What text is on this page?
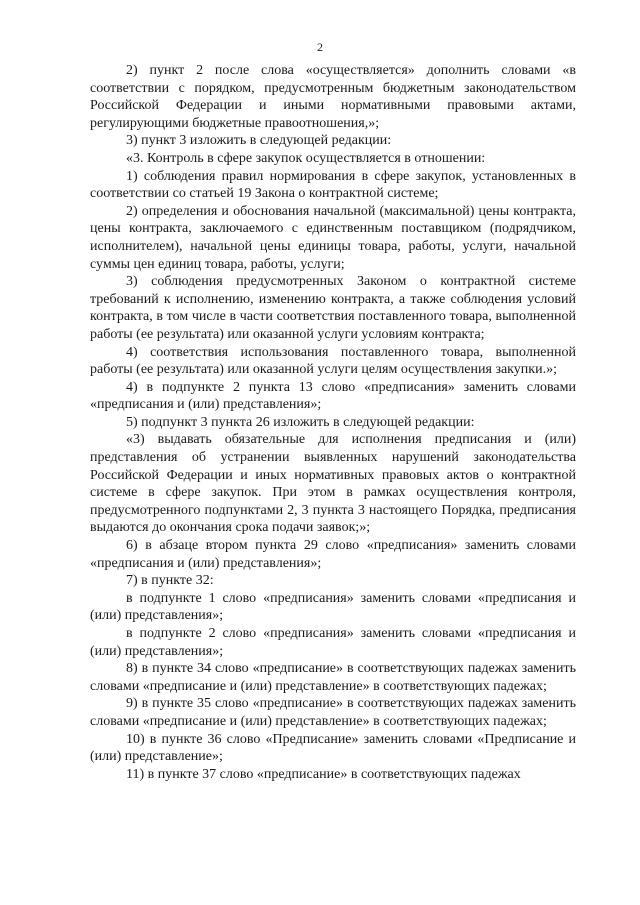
2

2) пункт 2 после слова «осуществляется» дополнить словами «в соответствии с порядком, предусмотренным бюджетным законодательством Российской Федерации и иными нормативными правовыми актами, регулирующими бюджетные правоотношения,»;

3) пункт 3 изложить в следующей редакции:

«3. Контроль в сфере закупок осуществляется в отношении:

1) соблюдения правил нормирования в сфере закупок, установленных в соответствии со статьей 19 Закона о контрактной системе;

2) определения и обоснования начальной (максимальной) цены контракта, цены контракта, заключаемого с единственным поставщиком (подрядчиком, исполнителем), начальной цены единицы товара, работы, услуги, начальной суммы цен единиц товара, работы, услуги;

3) соблюдения предусмотренных Законом о контрактной системе требований к исполнению, изменению контракта, а также соблюдения условий контракта, в том числе в части соответствия поставленного товара, выполненной работы (ее результата) или оказанной услуги условиям контракта;

4) соответствия использования поставленного товара, выполненной работы (ее результата) или оказанной услуги целям осуществления закупки.»;

4) в подпункте 2 пункта 13 слово «предписания» заменить словами «предписания и (или) представления»;

5) подпункт 3 пункта 26 изложить в следующей редакции:

«3) выдавать обязательные для исполнения предписания и (или) представления об устранении выявленных нарушений законодательства Российской Федерации и иных нормативных правовых актов о контрактной системе в сфере закупок. При этом в рамках осуществления контроля, предусмотренного подпунктами 2, 3 пункта 3 настоящего Порядка, предписания выдаются до окончания срока подачи заявок;»;

6) в абзаце втором пункта 29 слово «предписания» заменить словами «предписания и (или) представления»;

7) в пункте 32:

в подпункте 1 слово «предписания» заменить словами «предписания и (или) представления»;

в подпункте 2 слово «предписания» заменить словами «предписания и (или) представления»;

8) в пункте 34 слово «предписание» в соответствующих падежах заменить словами «предписание и (или) представление» в соответствующих падежах;

9) в пункте 35 слово «предписание» в соответствующих падежах заменить словами «предписание и (или) представление» в соответствующих падежах;

10) в пункте 36 слово «Предписание» заменить словами «Предписание и (или) представление»;

11) в пункте 37 слово «предписание» в соответствующих падежах
